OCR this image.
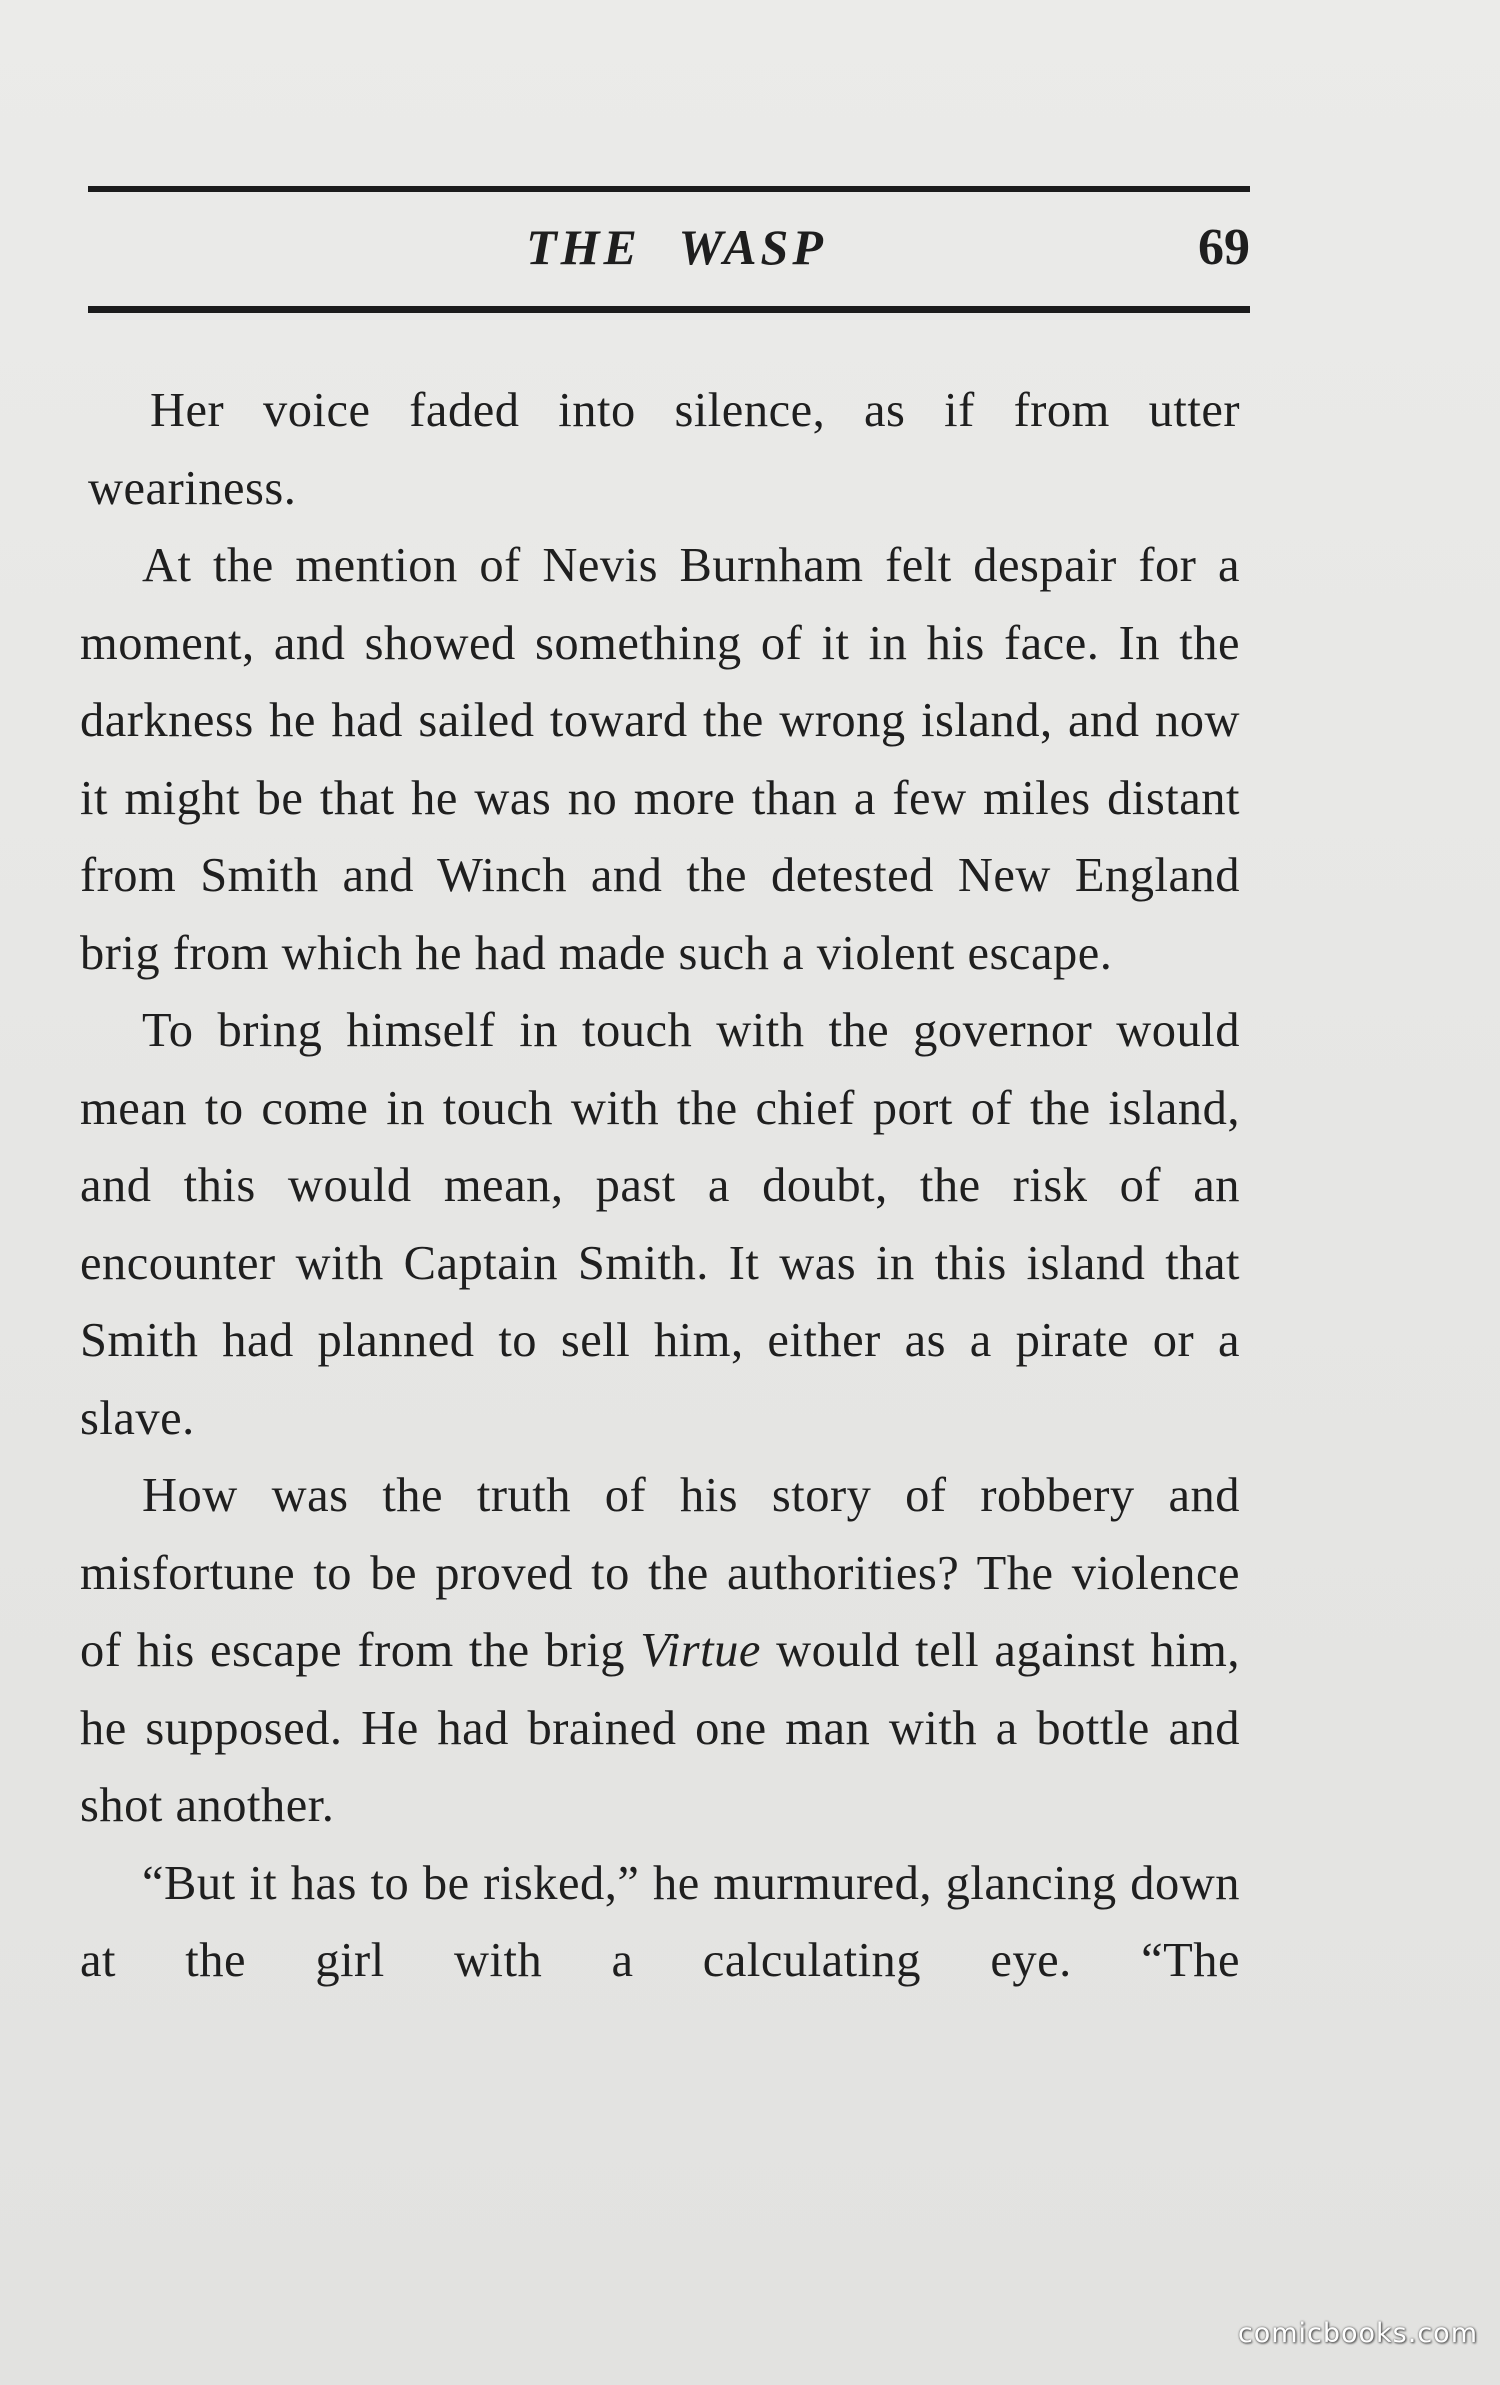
THE WASP	69

Her voice faded into silence, as if from utter weariness.

At the mention of Nevis Burnham felt despair for a moment, and showed something of it in his face. In the darkness he had sailed toward the wrong island, and now it might be that he was no more than a few miles distant from Smith and Winch and the detested New England brig from which he had made such a violent escape.

To bring himself in touch with the governor would mean to come in touch with the chief port of the island, and this would mean, past a doubt, the risk of an encounter with Captain Smith. It was in this island that Smith had planned to sell him, either as a pirate or a slave.

How was the truth of his story of robbery and misfortune to be proved to the authorities? The violence of his escape from the brig Virtue would tell against him, he supposed. He had brained one man with a bottle and shot another.

“But it has to be risked,” he murmured, glancing down at the girl with a calculating eye. “The

comicbooks.com
